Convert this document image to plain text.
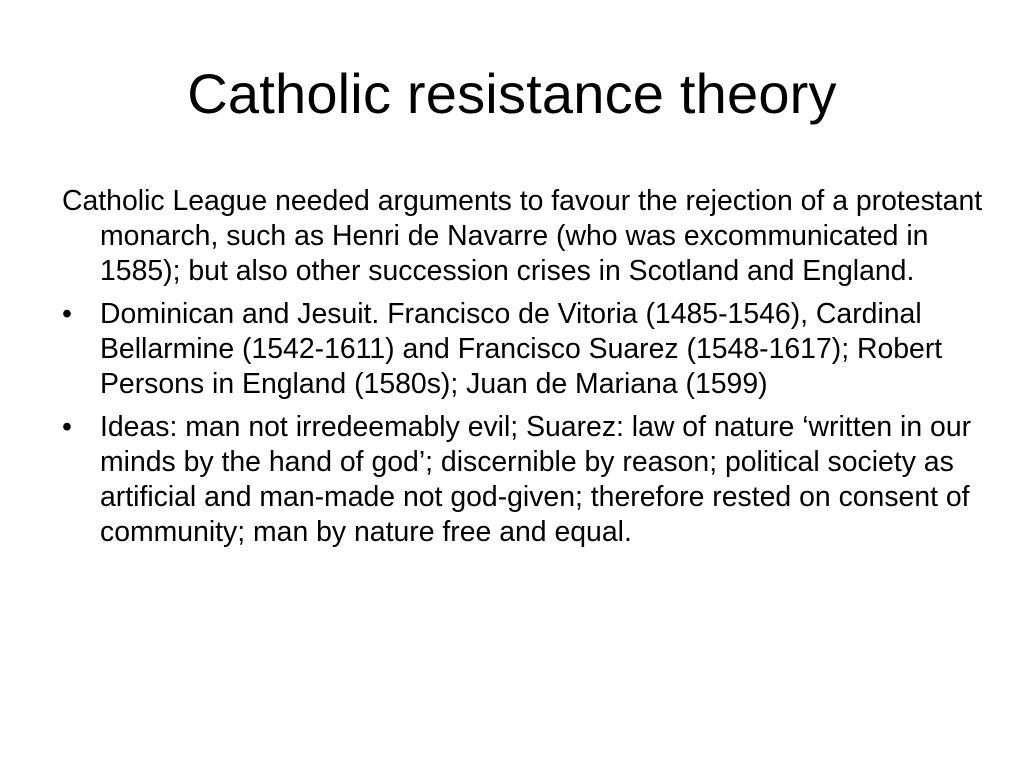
Catholic resistance theory
Catholic League needed arguments to favour the rejection of a protestant monarch, such as Henri de Navarre (who was excommunicated in 1585); but also other succession crises in Scotland and England.
• Dominican and Jesuit. Francisco de Vitoria (1485-1546), Cardinal Bellarmine (1542-1611) and Francisco Suarez (1548-1617); Robert Persons in England (1580s); Juan de Mariana (1599)
• Ideas: man not irredeemably evil; Suarez: law of nature ‘written in our minds by the hand of god’; discernible by reason; political society as artificial and man-made not god-given; therefore rested on consent of community; man by nature free and equal.
